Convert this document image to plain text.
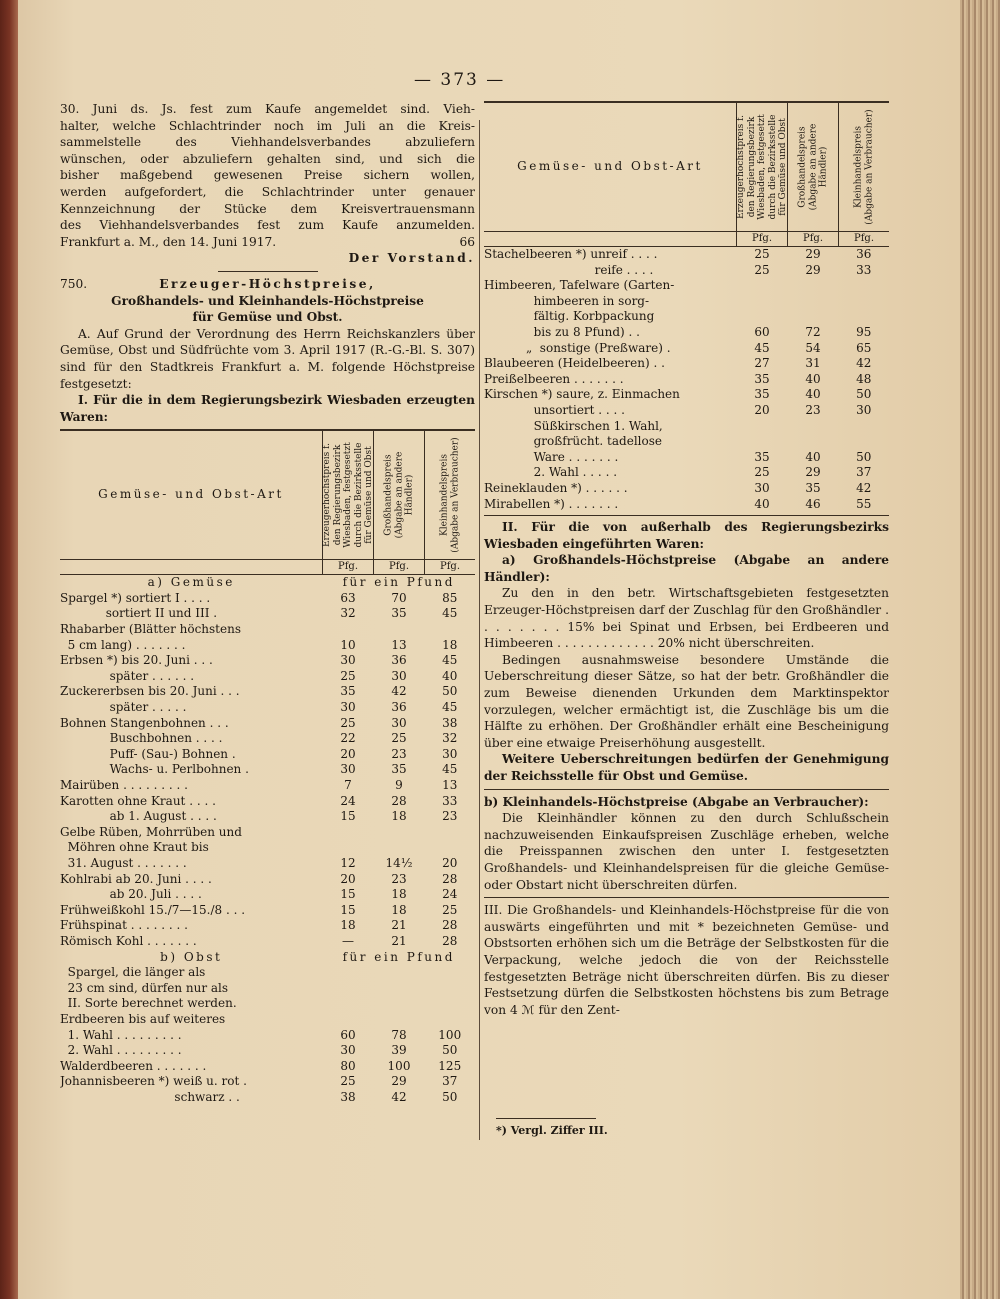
— 373 —
30. Juni ds. Js. fest zum Kaufe angemeldet sind. Vieh-
halter, welche Schlachtrinder noch im Juli an die Kreis-
sammelstelle des Viehhandelsverbandes abzuliefern
wünschen, oder abzuliefern gehalten sind, und sich die
bisher maßgebend gewesenen Preise sichern wollen,
werden aufgefordert, die Schlachtrinder unter genauer
Kennzeichnung der Stücke dem Kreisvertrauensmann
des Viehhandelsverbandes fest zum Kaufe anzumelden.
Frankfurt a. M., den 14. Juni 1917.	66
Der Vorstand.
750.	Erzeuger-Höchstpreise,
Großhandels- und Kleinhandels-Höchstpreise
für Gemüse und Obst.
A. Auf Grund der Verordnung des Herrn Reichskanzlers über Gemüse, Obst und Südfrüchte vom 3. April 1917 (R.-G.-Bl. S. 307) sind für den Stadtkreis Frankfurt a. M. folgende Höchstpreise festgesetzt:
I. Für die in dem Regierungsbezirk Wiesbaden erzeugten Waren:
Gemüse- und Obst-Art	Erzeugerhöchstpreis f. den Regierungsbezirk Wiesbaden, festgesetzt durch die Bezirksstelle für Gemüse und Obst	Großhandelspreis (Abgabe an andere Händler)	Kleinhandelspreis (Abgabe an Verbraucher)

	Pfg.	Pfg.	Pfg.
a) Gemüse	für ein Pfund		
Spargel *) sortiert I . . . .	63	70	85
sortiert II und III .	32	35	45
Rhabarber (Blätter höchstens			
5 cm lang) . . . . . . .	10	13	18
Erbsen *) bis 20. Juni . . .	30	36	45
später . . . . . .	25	30	40
Zuckererbsen bis 20. Juni . . .	35	42	50
später . . . . .	30	36	45
Bohnen Stangenbohnen . . .	25	30	38
Buschbohnen . . . .	22	25	32
Puff- (Sau-) Bohnen .	20	23	30
Wachs- u. Perlbohnen .	30	35	45
Mairüben . . . . . . . . .	7	9	13
Karotten ohne Kraut . . . .	24	28	33
ab 1. August . . . .	15	18	23
Gelbe Rüben, Mohrrüben und			
Möhren ohne Kraut bis			
31. August . . . . . . .	12	14½	20
Kohlrabi ab 20. Juni . . . .	20	23	28
ab 20. Juli . . . .	15	18	24
Frühweißkohl 15./7—15./8 . . .	15	18	25
Frühspinat . . . . . . . .	18	21	28
Römisch Kohl . . . . . . .	—	21	28
b) Obst	für ein Pfund		
Spargel, die länger als			
23 cm sind, dürfen nur als			
II. Sorte berechnet werden.			
Erdbeeren bis auf weiteres			
1. Wahl . . . . . . . . .	60	78	100
2. Wahl . . . . . . . . .	30	39	50
Walderdbeeren . . . . . . .	80	100	125
Johannisbeeren *) weiß u. rot .	25	29	37
schwarz . .	38	42	50
Gemüse- und Obst-Art	Erzeugerhöchstpreis f. den Regierungsbezirk Wiesbaden, festgesetzt durch die Bezirksstelle für Gemüse und Obst	Großhandelspreis (Abgabe an andere Händler)	Kleinhandelspreis (Abgabe an Verbraucher)

	Pfg.	Pfg.	Pfg.
Stachelbeeren *) unreif . . . .	25	29	36
reife . . . .	25	29	33
Himbeeren, Tafelware (Garten-			
himbeeren in sorg-			
fältig. Korbpackung			
bis zu 8 Pfund) . .	60	72	95
„  sonstige (Preßware) .	45	54	65
Blaubeeren (Heidelbeeren) . .	27	31	42
Preißelbeeren . . . . . . .	35	40	48
Kirschen *) saure, z. Einmachen	35	40	50
unsortiert . . . .	20	23	30
Süßkirschen 1. Wahl,			
großfrücht. tadellose			
Ware . . . . . . .	35	40	50
2. Wahl . . . . .	25	29	37
Reineklauden *) . . . . . .	30	35	42
Mirabellen *) . . . . . . .	40	46	55
II. Für die von außerhalb des Regierungsbezirks Wiesbaden eingeführten Waren:
a) Großhandels-Höchstpreise (Abgabe an andere Händler):
Zu den in den betr. Wirtschaftsgebieten festgesetzten Erzeuger-Höchstpreisen darf der Zuschlag für den Großhändler . . . . . . . . 15% bei Spinat und Erbsen, bei Erdbeeren und Himbeeren . . . . . . . . . . . . . 20% nicht überschreiten.
Bedingen ausnahmsweise besondere Umstände die Ueberschreitung dieser Sätze, so hat der betr. Großhändler die zum Beweise dienenden Urkunden dem Marktinspektor vorzulegen, welcher ermächtigt ist, die Zuschläge bis um die Hälfte zu erhöhen. Der Großhändler erhält eine Bescheinigung über eine etwaige Preiserhöhung ausgestellt.
Weitere Ueberschreitungen bedürfen der Genehmigung der Reichsstelle für Obst und Gemüse.
b) Kleinhandels-Höchstpreise (Abgabe an Verbraucher):
Die Kleinhändler können zu den durch Schlußschein nachzuweisenden Einkaufspreisen Zuschläge erheben, welche die Preisspannen zwischen den unter I. festgesetzten Großhandels- und Kleinhandelspreisen für die gleiche Gemüse- oder Obstart nicht überschreiten dürfen.
III. Die Großhandels- und Kleinhandels-Höchstpreise für die von auswärts eingeführten und mit * bezeichneten Gemüse- und Obstsorten erhöhen sich um die Beträge der Selbstkosten für die Verpackung, welche jedoch die von der Reichsstelle festgesetzten Beträge nicht überschreiten dürfen. Bis zu dieser Festsetzung dürfen die Selbstkosten höchstens bis zum Betrage von 4 ℳ für den Zent-
*) Vergl. Ziffer III.
